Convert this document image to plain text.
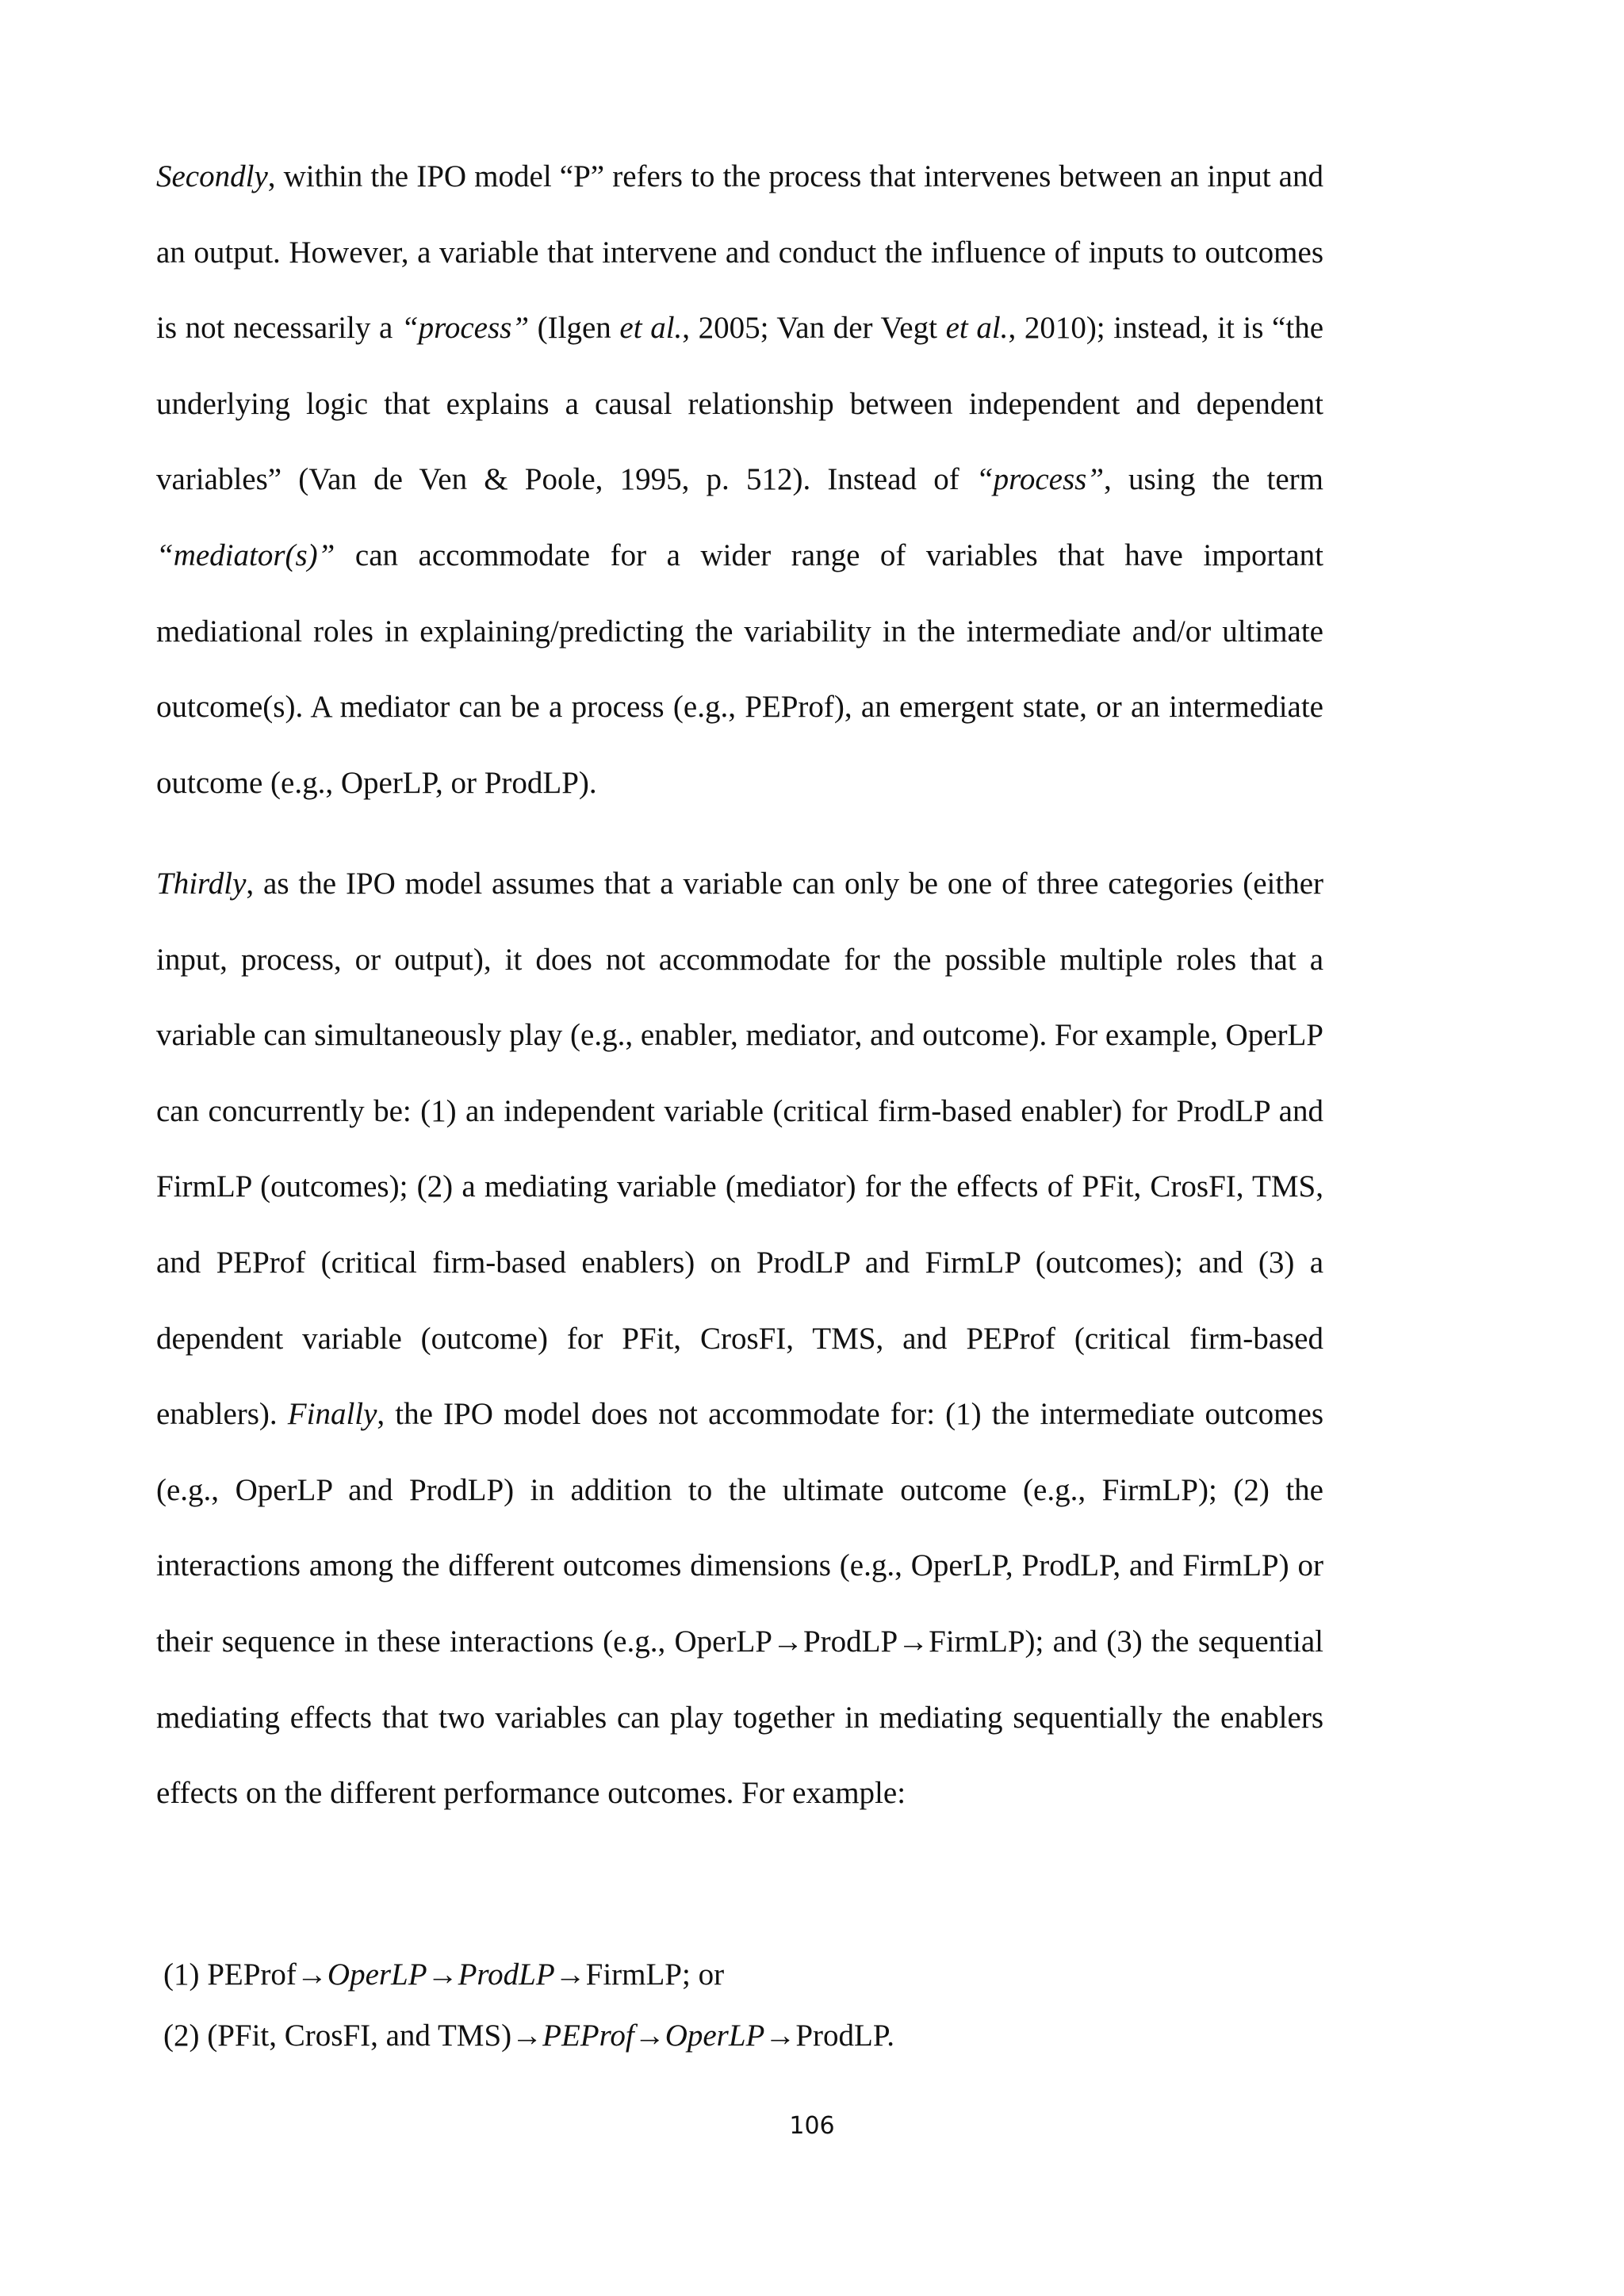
Secondly, within the IPO model “P” refers to the process that intervenes between an input and an output. However, a variable that intervene and conduct the influence of inputs to outcomes is not necessarily a “process” (Ilgen et al., 2005; Van der Vegt et al., 2010); instead, it is “the underlying logic that explains a causal relationship between independent and dependent variables” (Van de Ven & Poole, 1995, p. 512). Instead of “process”, using the term “mediator(s)” can accommodate for a wider range of variables that have important mediational roles in explaining/predicting the variability in the intermediate and/or ultimate outcome(s). A mediator can be a process (e.g., PEProf), an emergent state, or an intermediate outcome (e.g., OperLP, or ProdLP).

Thirdly, as the IPO model assumes that a variable can only be one of three categories (either input, process, or output), it does not accommodate for the possible multiple roles that a variable can simultaneously play (e.g., enabler, mediator, and outcome). For example, OperLP can concurrently be: (1) an independent variable (critical firm-based enabler) for ProdLP and FirmLP (outcomes); (2) a mediating variable (mediator) for the effects of PFit, CrosFI, TMS, and PEProf (critical firm-based enablers) on ProdLP and FirmLP (outcomes); and (3) a dependent variable (outcome) for PFit, CrosFI, TMS, and PEProf (critical firm-based enablers). Finally, the IPO model does not accommodate for: (1) the intermediate outcomes (e.g., OperLP and ProdLP) in addition to the ultimate outcome (e.g., FirmLP); (2) the interactions among the different outcomes dimensions (e.g., OperLP, ProdLP, and FirmLP) or their sequence in these interactions (e.g., OperLP→ProdLP→FirmLP); and (3) the sequential mediating effects that two variables can play together in mediating sequentially the enablers effects on the different performance outcomes. For example:

(1) PEProf→OperLP→ProdLP→FirmLP; or

(2) (PFit, CrosFI, and TMS)→PEProf→OperLP→ProdLP.

106
